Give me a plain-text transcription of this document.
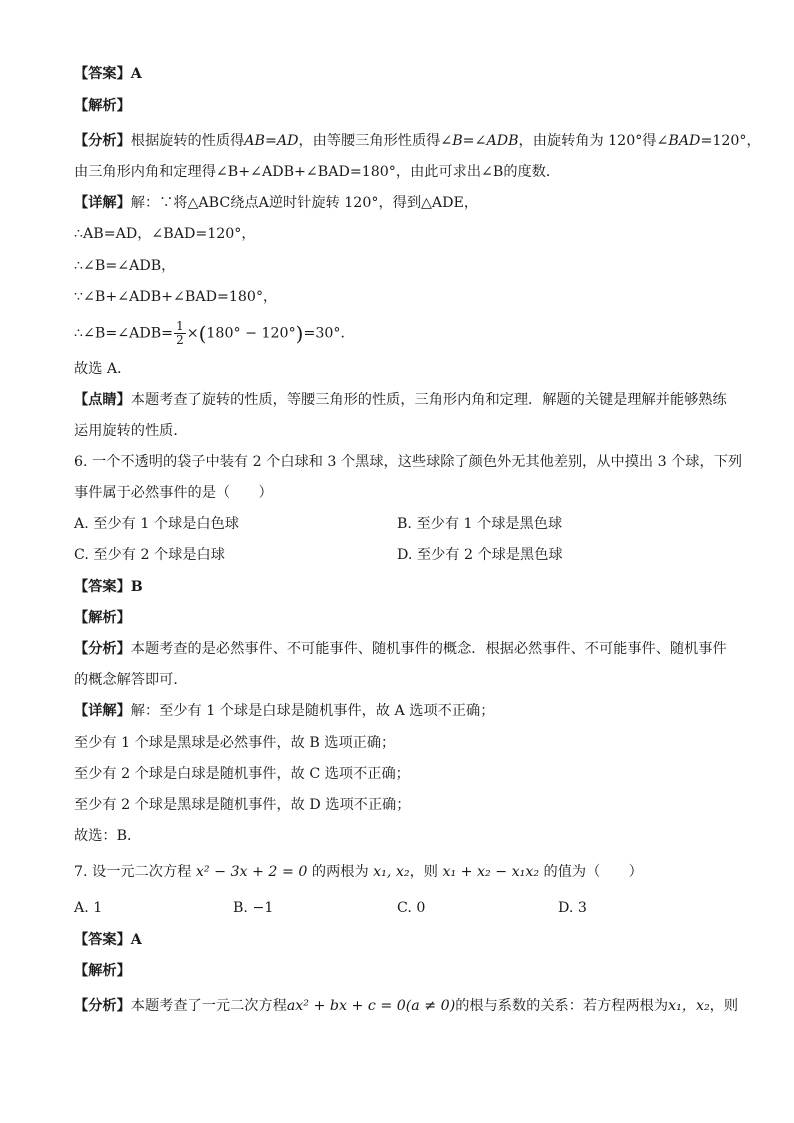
【答案】A
【解析】
【分析】根据旋转的性质得AB=AD，由等腰三角形性质得∠B=∠ADB，由旋转角为 120°得∠BAD=120°，
由三角形内角和定理得∠B+∠ADB+∠BAD=180°，由此可求出∠B的度数．
【详解】解：∵将△ABC绕点A逆时针旋转 120°，得到△ADE，
∴AB=AD，∠BAD=120°，
∴∠B=∠ADB，
∵∠B+∠ADB+∠BAD=180°，
∴∠B=∠ADB= $\frac{1}{2} \times(180^\circ - 120^\circ)=30^\circ$．
故选 A．
【点睛】本题考查了旋转的性质，等腰三角形的性质，三角形内角和定理．解题的关键是理解并能够熟练
运用旋转的性质．
6. 一个不透明的袋子中装有 2 个白球和 3 个黑球，这些球除了颜色外无其他差别，从中摸出 3 个球，下列
事件属于必然事件的是（　　）
A. 至少有 1 个球是白色球	B. 至少有 1 个球是黑色球
C. 至少有 2 个球是白球	D. 至少有 2 个球是黑色球
【答案】B
【解析】
【分析】本题考查的是必然事件、不可能事件、随机事件的概念．根据必然事件、不可能事件、随机事件
的概念解答即可．
【详解】解：至少有 1 个球是白球是随机事件，故 A 选项不正确；
至少有 1 个球是黑球是必然事件，故 B 选项正确；
至少有 2 个球是白球是随机事件，故 C 选项不正确；
至少有 2 个球是黑球是随机事件，故 D 选项不正确；
故选：B．
7. 设一元二次方程 x² − 3x + 2 = 0 的两根为 x₁, x₂，则 x₁ + x₂ − x₁x₂ 的值为（　　）
A. 1	B. −1	C. 0	D. 3
【答案】A
【解析】
【分析】本题考查了一元二次方程ax² + bx + c = 0(a ≠ 0)的根与系数的关系：若方程两根为x₁，x₂，则
